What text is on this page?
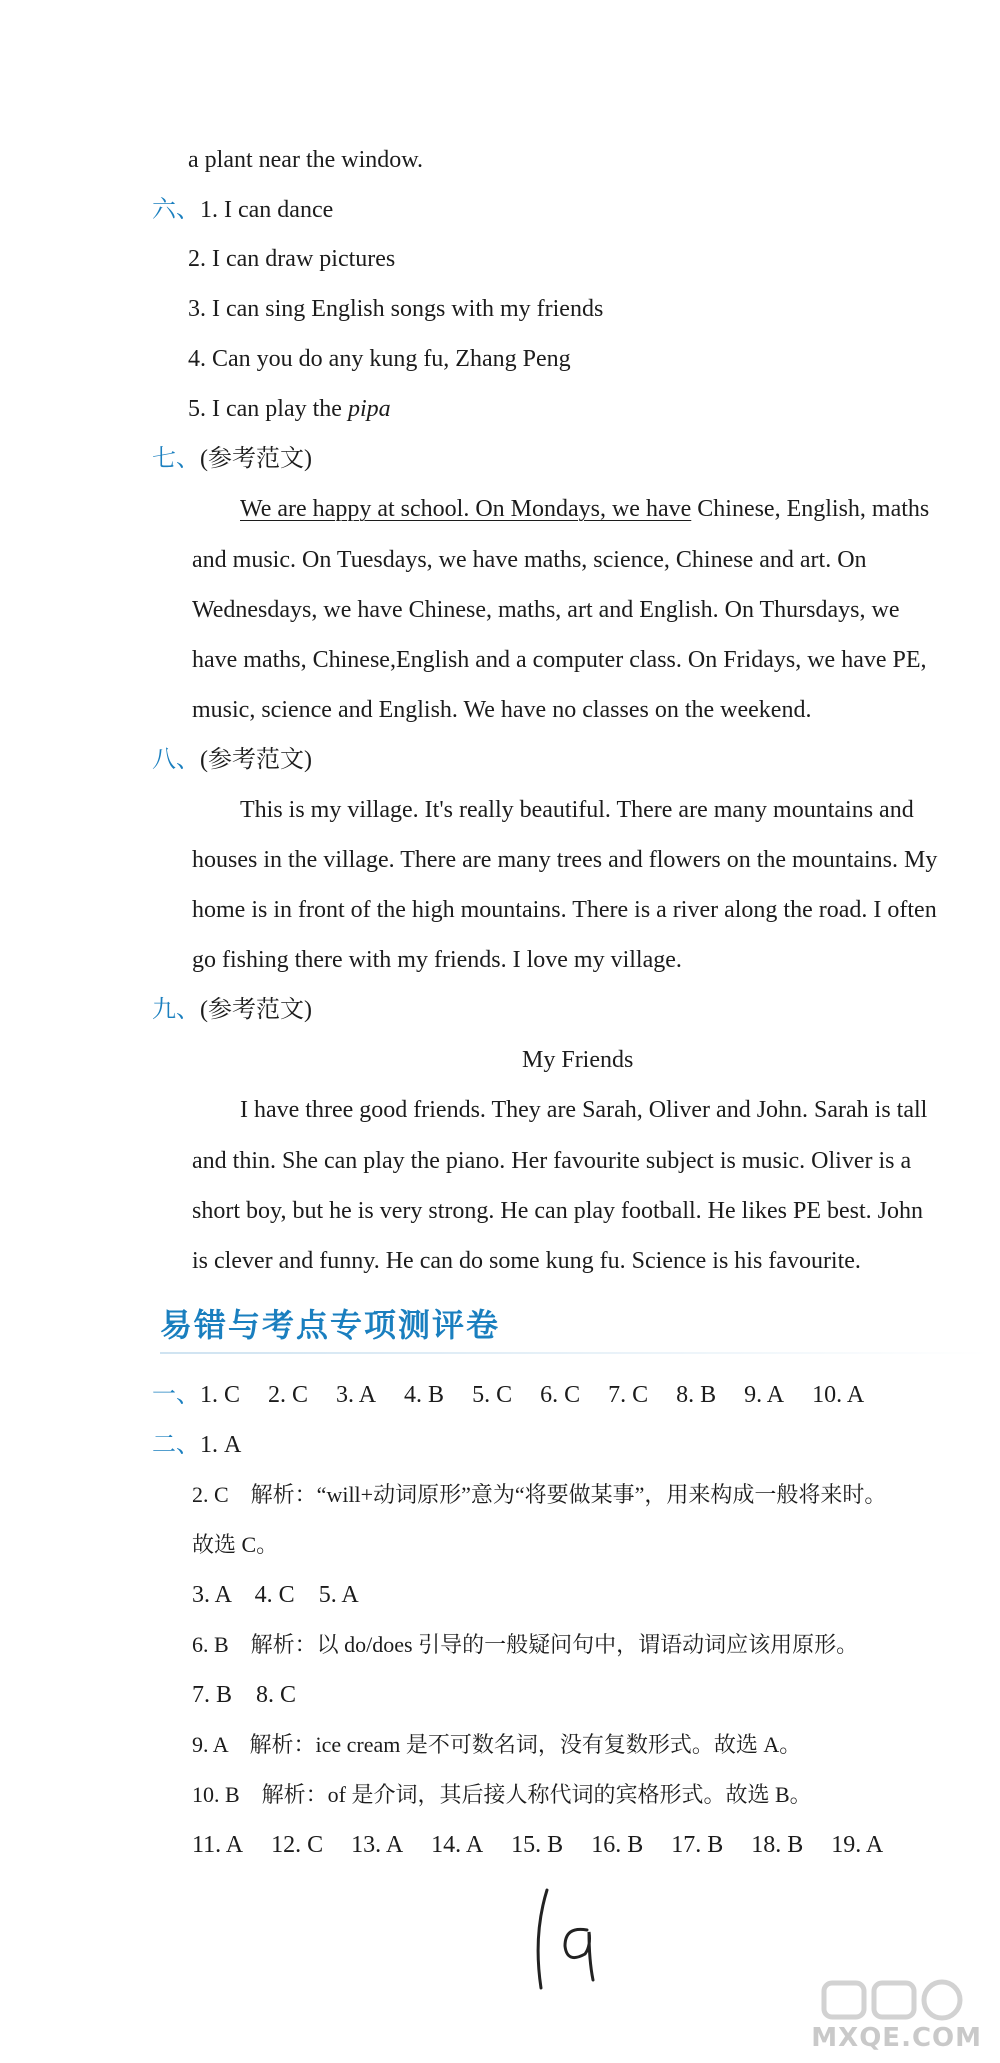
a plant near the window.
六、1. I can dance
2. I can draw pictures
3. I can sing English songs with my friends
4. Can you do any kung fu, Zhang Peng
5. I can play the pipa
七、(参考范文)
We are happy at school. On Mondays, we have Chinese, English, maths
and music. On Tuesdays, we have maths, science, Chinese and art. On
Wednesdays, we have Chinese, maths, art and English. On Thursdays, we
have maths, Chinese,English and a computer class. On Fridays, we have PE,
music, science and English. We have no classes on the weekend.
八、(参考范文)
This is my village. It's really beautiful. There are many mountains and
houses in the village. There are many trees and flowers on the mountains. My
home is in front of the high mountains. There is a river along the road. I often
go fishing there with my friends. I love my village.
九、(参考范文)
My Friends
I have three good friends. They are Sarah, Oliver and John. Sarah is tall
and thin. She can play the piano. Her favourite subject is music. Oliver is a
short boy, but he is very strong. He can play football. He likes PE best. John
is clever and funny. He can do some kung fu. Science is his favourite.
易错与考点专项测评卷
一、1. C 2. C 3. A 4. B 5. C 6. C 7. C 8. B 9. A 10. A
二、1. A
2. C　解析：“will+动词原形”意为“将要做某事”，用来构成一般将来时。
故选 C。
3. A　4. C　5. A
6. B　解析：以 do/does 引导的一般疑问句中，谓语动词应该用原形。
7. B　8. C
9. A　解析：ice cream 是不可数名词，没有复数形式。故选 A。
10. B　解析：of 是介词，其后接人称代词的宾格形式。故选 B。
11. A 12. C 13. A 14. A 15. B 16. B 17. B 18. B 19. A
MXQE.COM
